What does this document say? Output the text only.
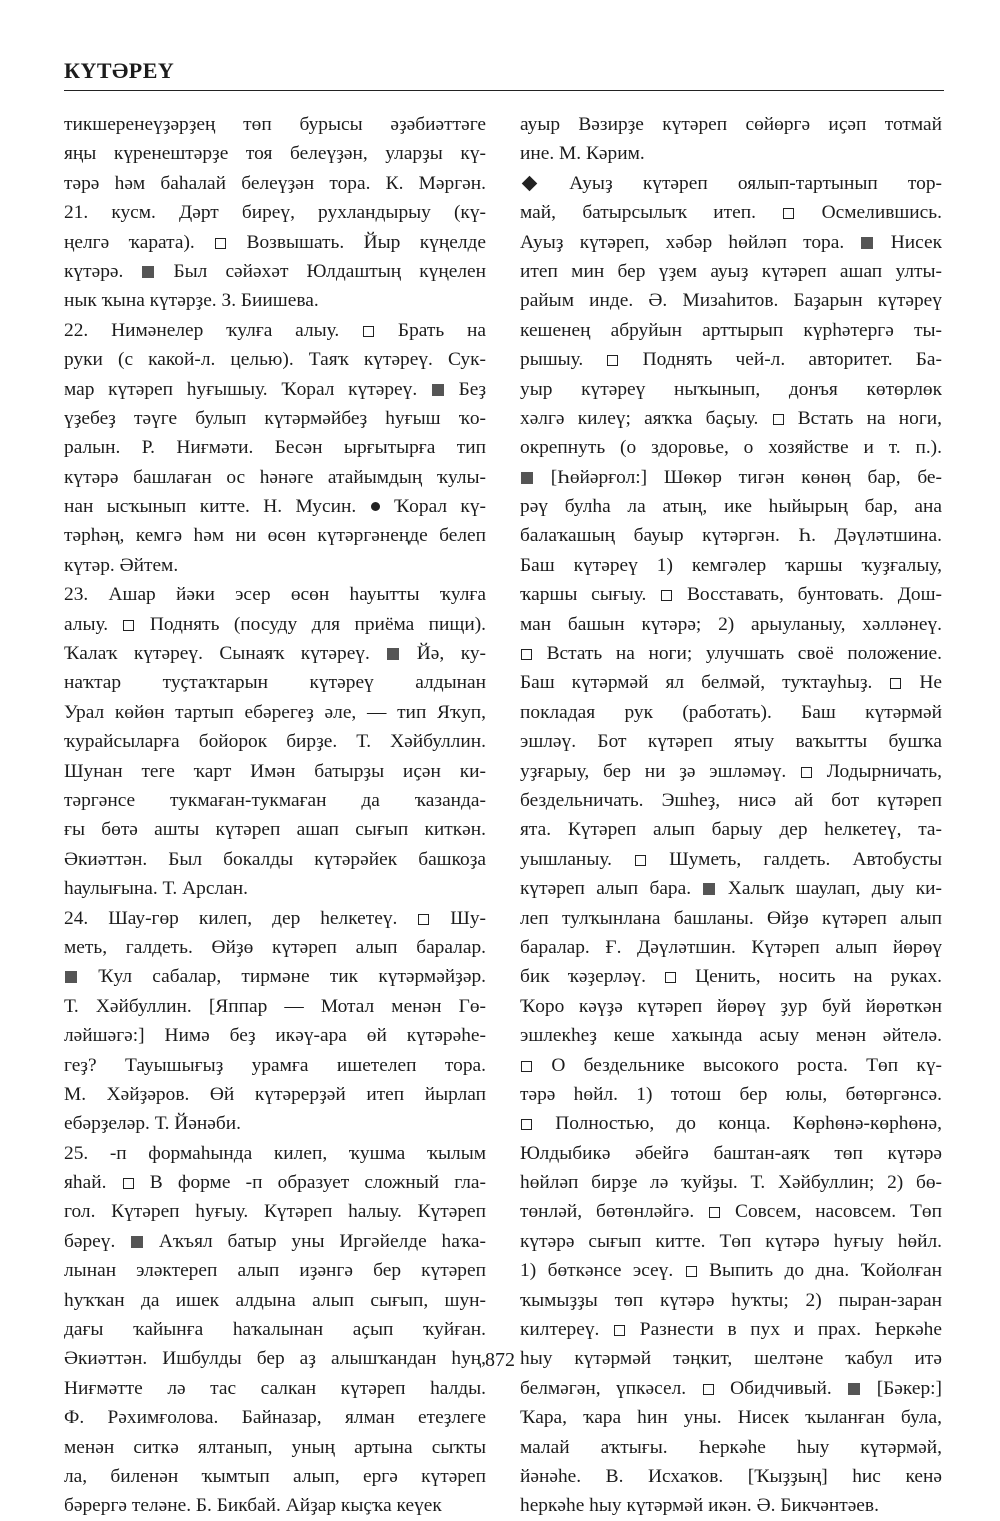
КҮТӘРЕҮ
тикшеренеүҙәрҙең төп бурысы әҙәбиәттәге
яңы күренештәрҙе тоя белеүҙән, уларҙы кү-
тәрә һәм баһалай белеүҙән тора. К. Мәргән.
21. кусм. Дәрт биреү, рухландырыу (кү-
ңелгә ҡарата).  Возвышать. Йыр күңелде
күтәрә.  Был сәйәхәт Юлдаштың күңелен
нык ҡына күтәрҙе. З. Биишева.
22. Нимәнелер ҡулға алыу.  Брать на
руки (с какой-л. целью). Таяҡ күтәреү. Сук-
мар күтәреп һуғышыу. Ҡорал күтәреү.  Беҙ
үҙебеҙ тәүге булып күтәрмәйбеҙ һуғыш ҡо-
ралын. Р. Ниғмәти. Бесән ырғытырға тип
күтәрә башлаған ос һәнәге атайымдың ҡулы-
нан ысҡынып китте. Н. Мусин.  Ҡорал кү-
тәрһәң, кемгә һәм ни өсөн күтәргәнеңде белеп
күтәр. Әйтем.
23. Ашар йәки эсер өсөн һауытты ҡулға
алыу.  Поднять (посуду для приёма пищи).
Ҡалаҡ күтәреү. Сынаяҡ күтәреү.  Йә, ку-
наҡтар туҫтаҡтарын күтәреү алдынан
Урал көйөн тартып ебәрегеҙ әле, — тип Яҡуп,
ҡурайсыларға бойорок бирҙе. Т. Хәйбуллин.
Шунан теге ҡарт Имән батырҙы иҫән ки-
тәргәнсе тукмаған-тукмаған да ҡазанда-
ғы бөтә ашты күтәреп ашап сығып киткән.
Әкиәттән. Был бокалды күтәрәйек башкоҙа
һаулығына. Т. Арслан.
24. Шау-гөр килеп, дер һелкетеү.  Шу-
меть, галдеть. Өйҙө күтәреп алып баралар.
Ҡул сабалар, тирмәне тик күтәрмәйҙәр.
Т. Хәйбуллин. [Яппар — Мотал менән Гө-
ләйшәгә:] Нимә беҙ икәү-ара өй күтәрәһе-
геҙ? Тауышығыҙ урамға ишетелеп тора.
М. Хәйҙәров. Өй күтәрерҙәй итеп йырлап
ебәрҙеләр. Т. Йәнәби.
25. -п формаһында килеп, ҡушма ҡылым
яһай.  В форме -п образует сложный гла-
гол. Күтәреп һуғыу. Күтәреп һалыу. Күтәреп
бәреү.  Аҡъял батыр уны Иргәйелде һаҡа-
лынан эләктереп алып иҙәнгә бер күтәреп
һуҡҡан да ишек алдына алып сығып, шун-
дағы ҡайынға һаҡалынан аҫып ҡуйған.
Әкиәттән. Ишбулды бер аҙ алышҡандан һуң,
Ниғмәтте лә тас салкан күтәреп һалды.
Ф. Рәхимғолова. Байназар, ялман етеҙлеге
менән ситкә ялтанып, уның артына сыҡты
ла, биленән ҡымтып алып, ергә күтәреп
бәрергә теләне. Б. Бикбай. Айҙар кыҫҡа кеүек
ауыр Вәзирҙе күтәреп сөйөргә иҫәп тотмай
ине. М. Кәрим.
Ауыҙ күтәреп оялып-тартынып тор-
май, батырсылыҡ итеп.  Осмелившись.
Ауыҙ күтәреп, хәбәр һөйләп тора.  Нисек
итеп мин бер үҙем ауыҙ күтәреп ашап улты-
райым инде. Ә. Мизаһитов. Баҙарын күтәреү
кешенең абруйын арттырып күрһәтергә ты-
рышыу.  Поднять чей-л. авторитет. Ба-
уыр күтәреү ныҡынып, донъя көтөрлөк
хәлгә килеү; аяҡҡа баҫыу.  Встать на ноги,
окрепнуть (о здоровье, о хозяйстве и т. п.).
[Һөйәрғол:] Шөкөр тигән көнөң бар, бе-
рәү булһа ла атың, ике һыйырың бар, ана
балаҡашың бауыр күтәргән. Һ. Дәүләтшина.
Баш күтәреү 1) кемгәлер ҡаршы ҡуҙғалыу,
ҡаршы сығыу.  Восставать, бунтовать. Дош-
ман башын күтәрә; 2) арыуланыу, хәлләнеү.
Встать на ноги; улучшать своё положение.
Баш күтәрмәй ял белмәй, туҡтауһыҙ.  Не
покладая рук (работать). Баш күтәрмәй
эшләү. Бот күтәреп ятыу ваҡытты бушҡа
уҙғарыу, бер ни ҙә эшләмәү.  Лодырничать,
бездельничать. Эшһеҙ, нисә ай бот күтәреп
ята. Күтәреп алып барыу дер һелкетеү, та-
уышланыу.  Шуметь, галдеть. Автобусты
күтәреп алып бара.  Халыҡ шаулап, дыу ки-
леп тулҡынлана башланы. Өйҙө күтәреп алып
баралар. Ғ. Дәүләтшин. Күтәреп алып йөрөү
бик ҡәҙерләү.  Ценить, носить на руках.
Ҡоро кәүҙә күтәреп йөрөү ҙур буй йөрөткән
эшлекһеҙ кеше хаҡында асыу менән әйтелә.
О бездельнике высокого роста. Төп кү-
тәрә һөйл. 1) тотош бер юлы, бөтөргәнсә.
Полностью, до конца. Көрһөнә-көрһөнә,
Юлдыбикә әбейгә баштан-аяҡ төп күтәрә
һөйләп бирҙе лә ҡуйҙы. Т. Хәйбуллин; 2) бө-
төнләй, бөтөнләйгә.  Совсем, насовсем. Төп
күтәрә сығып китте. Төп күтәрә һуғыу һөйл.
1) бөткәнсе эсеү.  Выпить до дна. Ҡойолған
ҡымыҙҙы төп күтәрә һуҡты; 2) пыран-заран
килтереү.  Разнести в пух и прах. Һеркәһе
һыу күтәрмәй тәңкит, шелтәне ҡабул итә
белмәгән, үпкәсел.  Обидчивый.  [Бәкер:]
Ҡара, ҡара һин уны. Нисек ҡыланған була,
малай аҡтығы. Һеркәһе һыу күтәрмәй,
йәнәһе. В. Исхаҡов. [Ҡыҙҙың] һис кенә
һеркәһе һыу күтәрмәй икән. Ә. Бикчәнтәев.
872
